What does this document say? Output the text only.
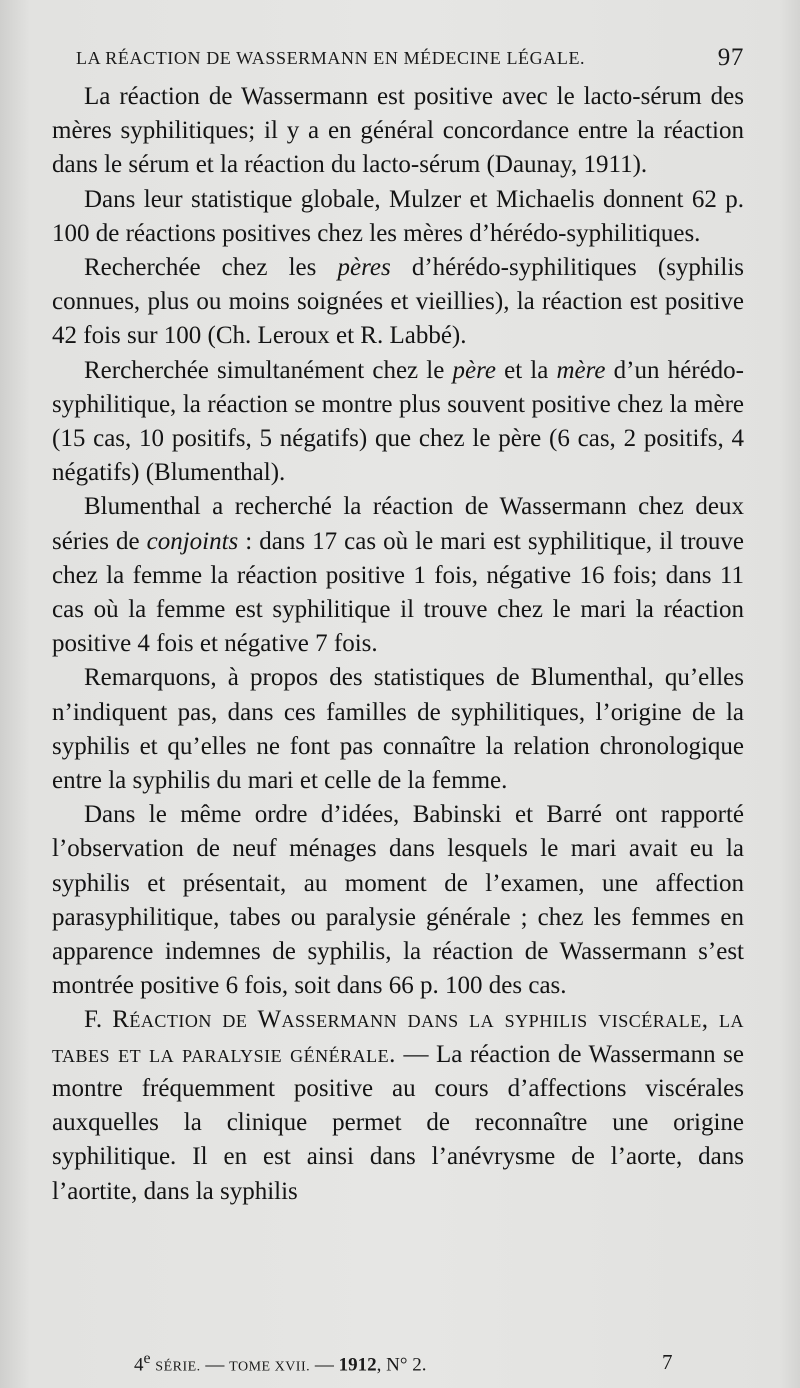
LA RÉACTION DE WASSERMANN EN MÉDECINE LÉGALE.	97

La réaction de Wassermann est positive avec le lacto-sérum des mères syphilitiques; il y a en général concordance entre la réaction dans le sérum et la réaction du lacto-sérum (Daunay, 1911).

Dans leur statistique globale, Mulzer et Michaelis donnent 62 p. 100 de réactions positives chez les mères d’hérédo-syphilitiques.

Recherchée chez les pères d’hérédo-syphilitiques (syphilis connues, plus ou moins soignées et vieillies), la réaction est positive 42 fois sur 100 (Ch. Leroux et R. Labbé).

Rercherchée simultanément chez le père et la mère d’un hérédo-syphilitique, la réaction se montre plus souvent positive chez la mère (15 cas, 10 positifs, 5 négatifs) que chez le père (6 cas, 2 positifs, 4 négatifs) (Blumenthal).

Blumenthal a recherché la réaction de Wassermann chez deux séries de conjoints : dans 17 cas où le mari est syphilitique, il trouve chez la femme la réaction positive 1 fois, négative 16 fois; dans 11 cas où la femme est syphilitique il trouve chez le mari la réaction positive 4 fois et négative 7 fois.

Remarquons, à propos des statistiques de Blumenthal, qu’elles n’indiquent pas, dans ces familles de syphilitiques, l’origine de la syphilis et qu’elles ne font pas connaître la relation chronologique entre la syphilis du mari et celle de la femme.

Dans le même ordre d’idées, Babinski et Barré ont rapporté l’observation de neuf ménages dans lesquels le mari avait eu la syphilis et présentait, au moment de l’examen, une affection parasyphilitique, tabes ou paralysie générale ; chez les femmes en apparence indemnes de syphilis, la réaction de Wassermann s’est montrée positive 6 fois, soit dans 66 p. 100 des cas.

F. Réaction de Wassermann dans la syphilis viscérale, la tabes et la paralysie générale. — La réaction de Wassermann se montre fréquemment positive au cours d’affections viscérales auxquelles la clinique permet de reconnaître une origine syphilitique. Il en est ainsi dans l’anévrysme de l’aorte, dans l’aortite, dans la syphilis

4e SÉRIE. — TOME XVII. — 1912, N° 2.	7
